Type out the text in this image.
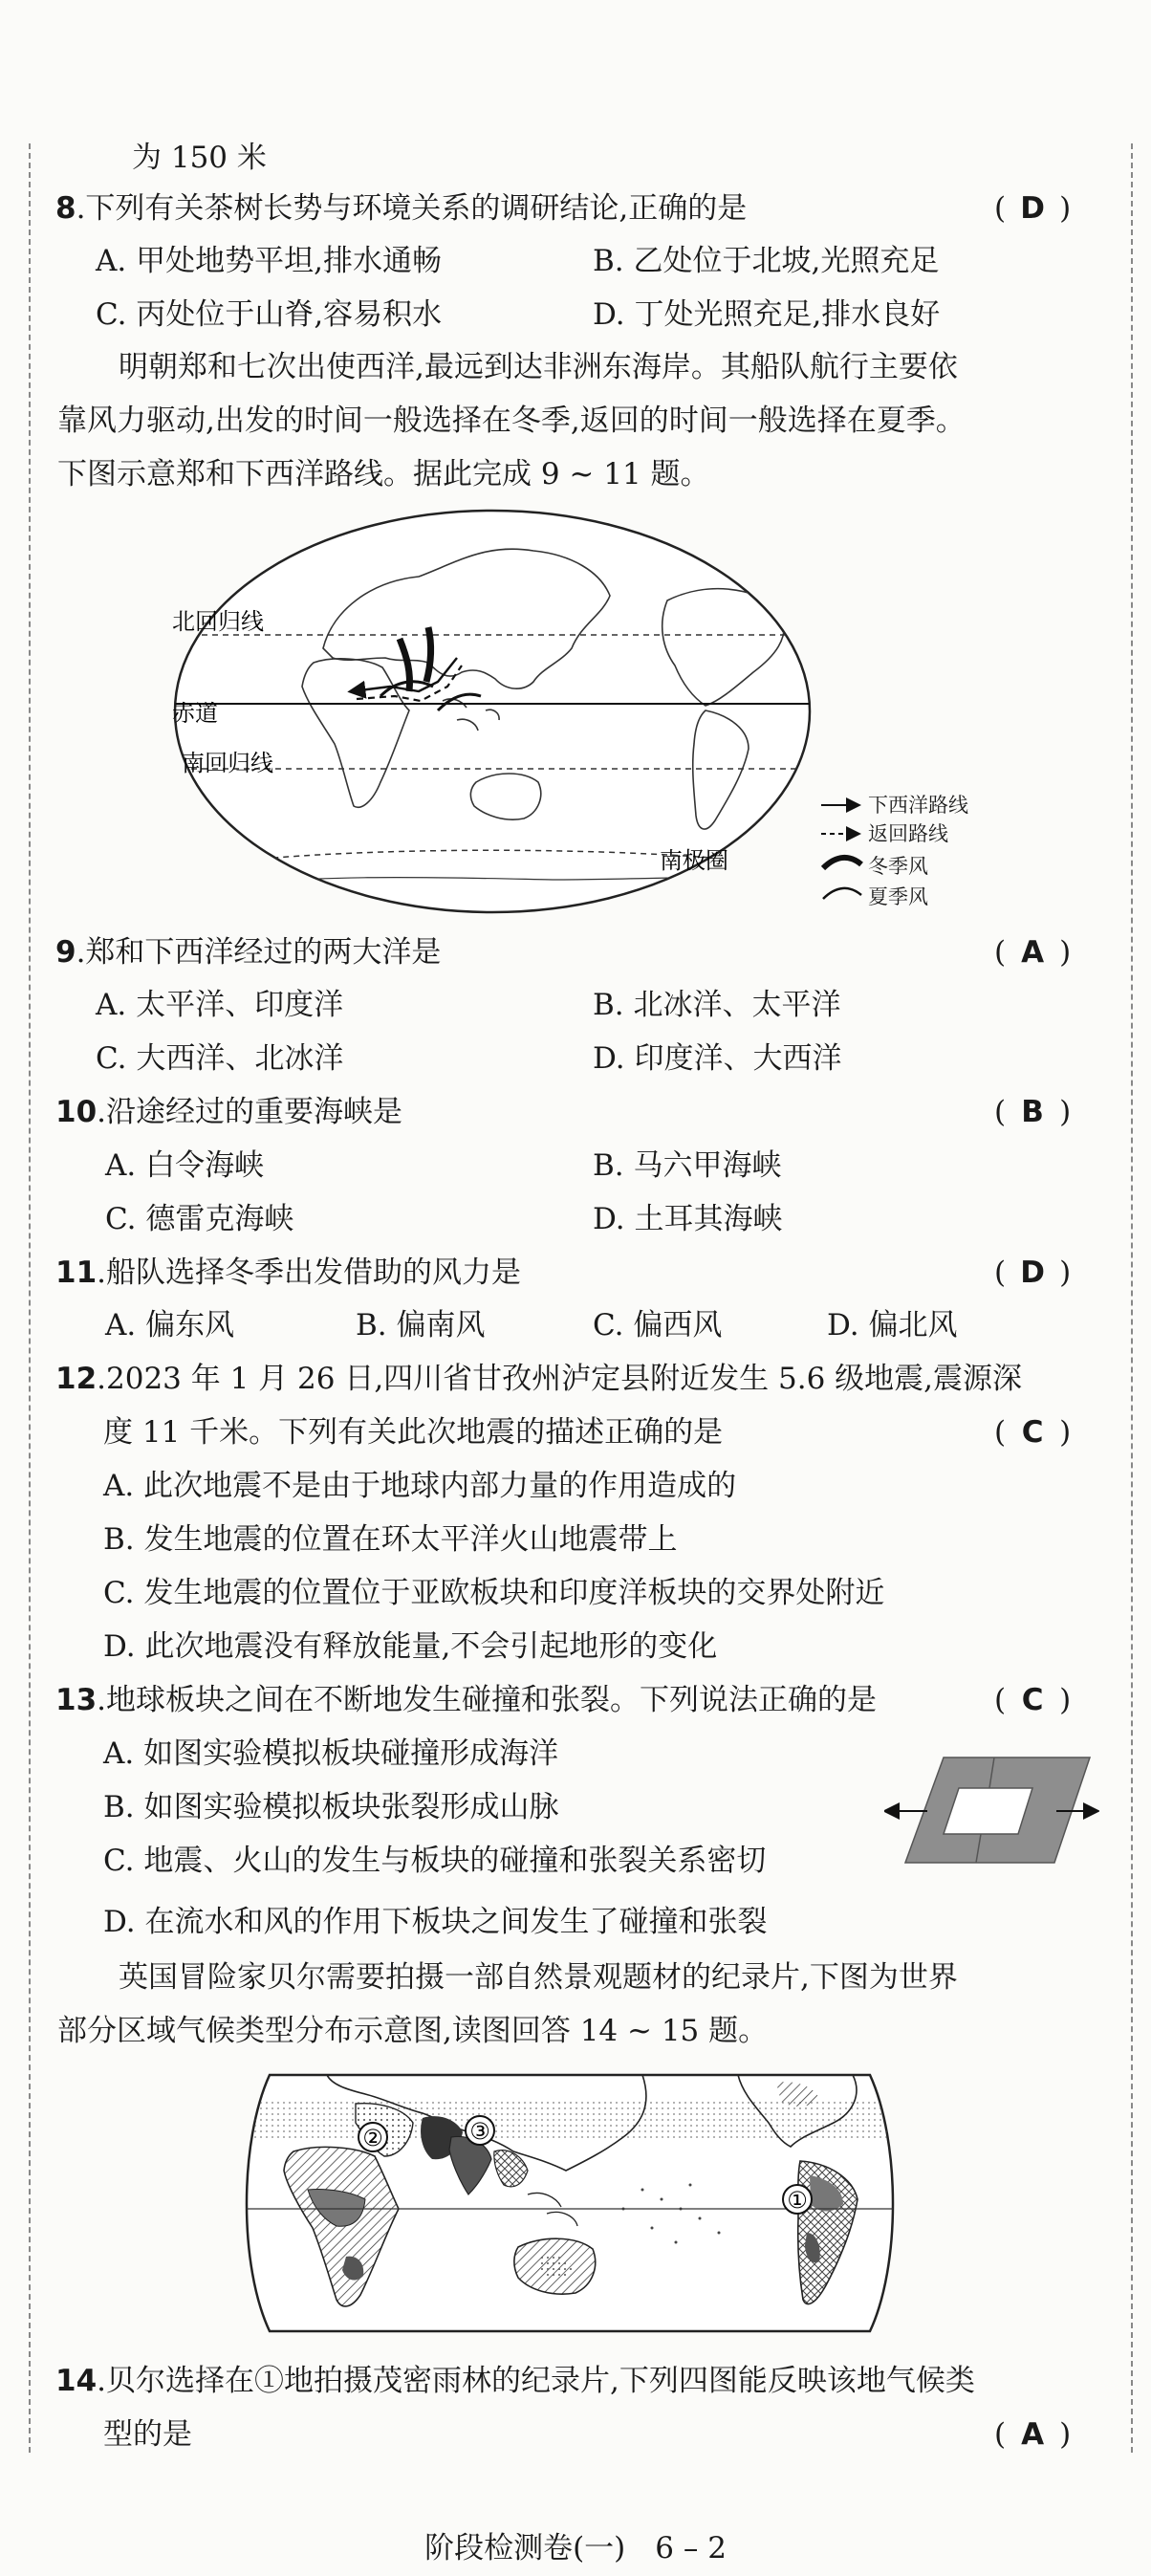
为 150 米
8.下列有关茶树长势与环境关系的调研结论,正确的是	( D )
A. 甲处地势平坦,排水通畅	B. 乙处位于北坡,光照充足
C. 丙处位于山脊,容易积水	D. 丁处光照充足,排水良好
明朝郑和七次出使西洋,最远到达非洲东海岸。其船队航行主要依
靠风力驱动,出发的时间一般选择在冬季,返回的时间一般选择在夏季。
下图示意郑和下西洋路线。据此完成 9 ~ 11 题。
北回归线
赤道
南回归线
南极圈
下西洋路线
返回路线
冬季风
夏季风
9.郑和下西洋经过的两大洋是	( A )
A. 太平洋、印度洋	B. 北冰洋、太平洋
C. 大西洋、北冰洋	D. 印度洋、大西洋
10.沿途经过的重要海峡是	( B )
A. 白令海峡	B. 马六甲海峡
C. 德雷克海峡	D. 土耳其海峡
11.船队选择冬季出发借助的风力是	( D )
A. 偏东风	B. 偏南风	C. 偏西风	D. 偏北风
12.2023 年 1 月 26 日,四川省甘孜州泸定县附近发生 5.6 级地震,震源深
度 11 千米。下列有关此次地震的描述正确的是	( C )
A. 此次地震不是由于地球内部力量的作用造成的
B. 发生地震的位置在环太平洋火山地震带上
C. 发生地震的位置位于亚欧板块和印度洋板块的交界处附近
D. 此次地震没有释放能量,不会引起地形的变化
13.地球板块之间在不断地发生碰撞和张裂。下列说法正确的是	( C )
A. 如图实验模拟板块碰撞形成海洋
B. 如图实验模拟板块张裂形成山脉
C. 地震、火山的发生与板块的碰撞和张裂关系密切
D. 在流水和风的作用下板块之间发生了碰撞和张裂
英国冒险家贝尔需要拍摄一部自然景观题材的纪录片,下图为世界
部分区域气候类型分布示意图,读图回答 14 ~ 15 题。
①
②	③
14.贝尔选择在①地拍摄茂密雨林的纪录片,下列四图能反映该地气候类
型的是	( A )
阶段检测卷(一)　6 – 2
